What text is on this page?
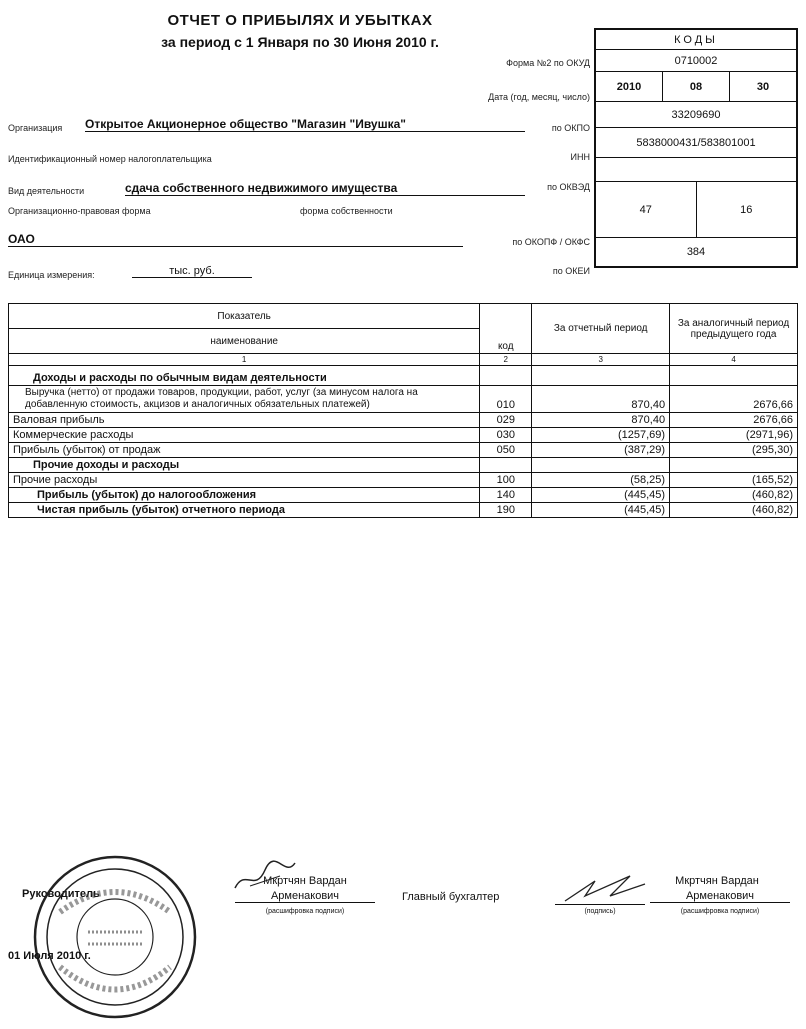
ОТЧЕТ О ПРИБЫЛЯХ И УБЫТКАХ
за период с 1 Января по 30 Июня 2010 г.	КОДЫ
0710002
2010	08	30
33209690
5838000431/583801001
47	16
384
Форма №2 по ОКУД
Дата (год, месяц, число)
по ОКПО
ИНН
по ОКВЭД
по ОКОПФ / ОКФС
по ОКЕИ
Организация Открытое Акционерное общество "Магазин "Ивушка"
Идентификационный номер налогоплательщика
Вид деятельности	сдача собственного недвижимого имущества
Организационно-правовая форма	форма собственности
ОАО
Единица измерения:	тыс. руб.
Показатель	код	За отчетный период	За аналогичный период предыдущего года
наименование			
1	2	3	4
Доходы и расходы по обычным видам деятельности			
Выручка (нетто) от продажи товаров, продукции, работ, услуг (за минусом налога на добавленную стоимость, акцизов и аналогичных обязательных платежей)	010	870,40	2676,66
Валовая прибыль	029	870,40	2676,66
Коммерческие расходы	030	(1257,69)	(2971,96)
Прибыль (убыток) от продаж	050	(387,29)	(295,30)
Прочие доходы и расходы			
Прочие расходы	100	(58,25)	(165,52)
Прибыль (убыток) до налогообложения	140	(445,45)	(460,82)
Чистая прибыль (убыток) отчетного периода	190	(445,45)	(460,82)
Руководитель
Мкртчян Вардан
Арменакович
(расшифровка подписи)
Главный бухгалтер
(подпись)
Мкртчян Вардан
Арменакович
(расшифровка подписи)
01 Июля 2010 г.
